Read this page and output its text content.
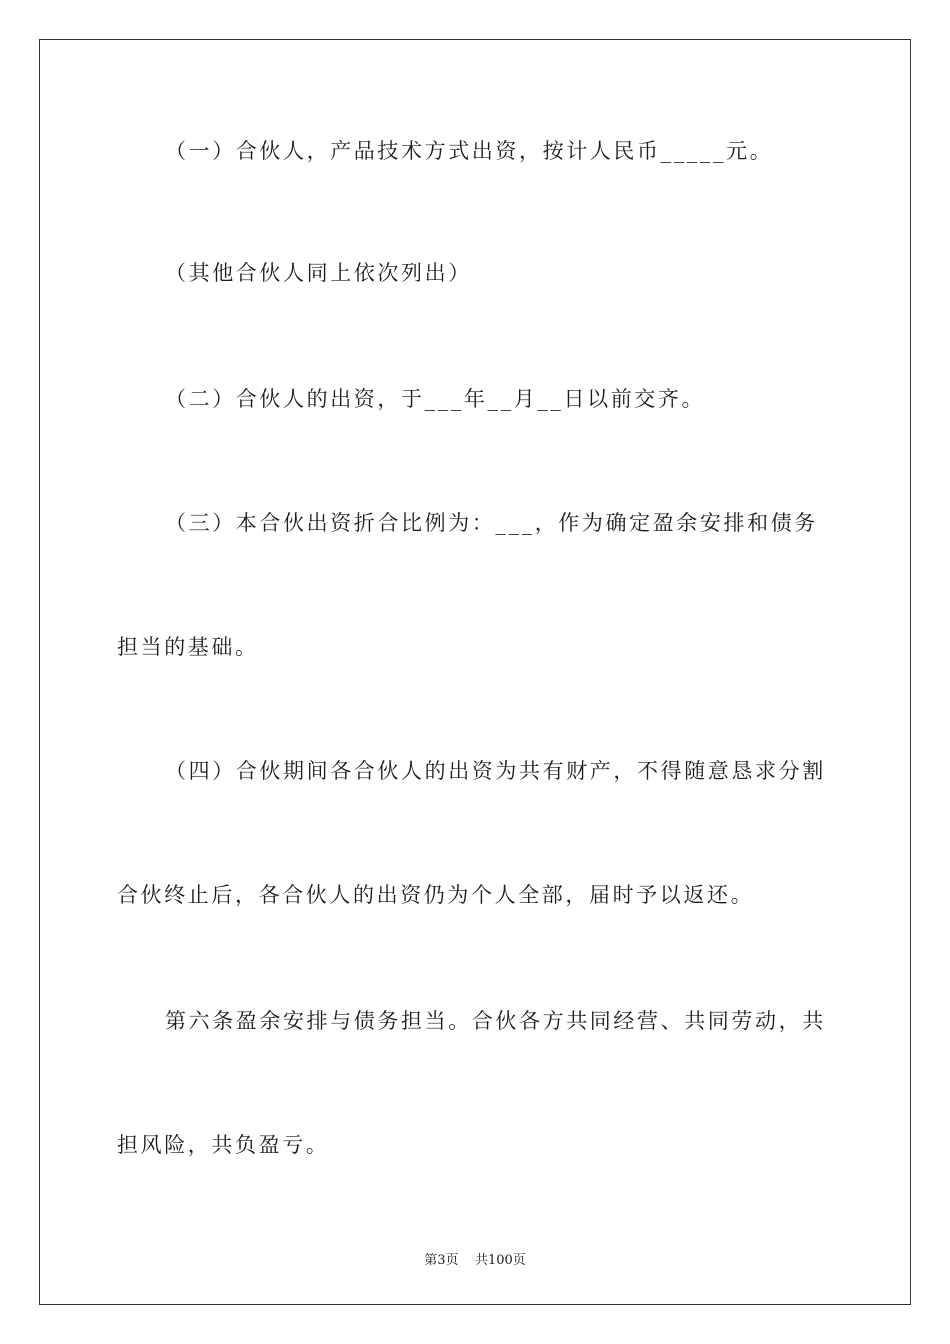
（一）合伙人，产品技术方式出资，按计人民币_____元。
（其他合伙人同上依次列出）
（二）合伙人的出资，于___年__月__日以前交齐。
（三）本合伙出资折合比例为：___，作为确定盈余安排和债务
担当的基础。
（四）合伙期间各合伙人的出资为共有财产，不得随意恳求分割
合伙终止后，各合伙人的出资仍为个人全部，届时予以返还。
第六条盈余安排与债务担当。合伙各方共同经营、共同劳动，共
担风险，共负盈亏。
第3页    共100页
